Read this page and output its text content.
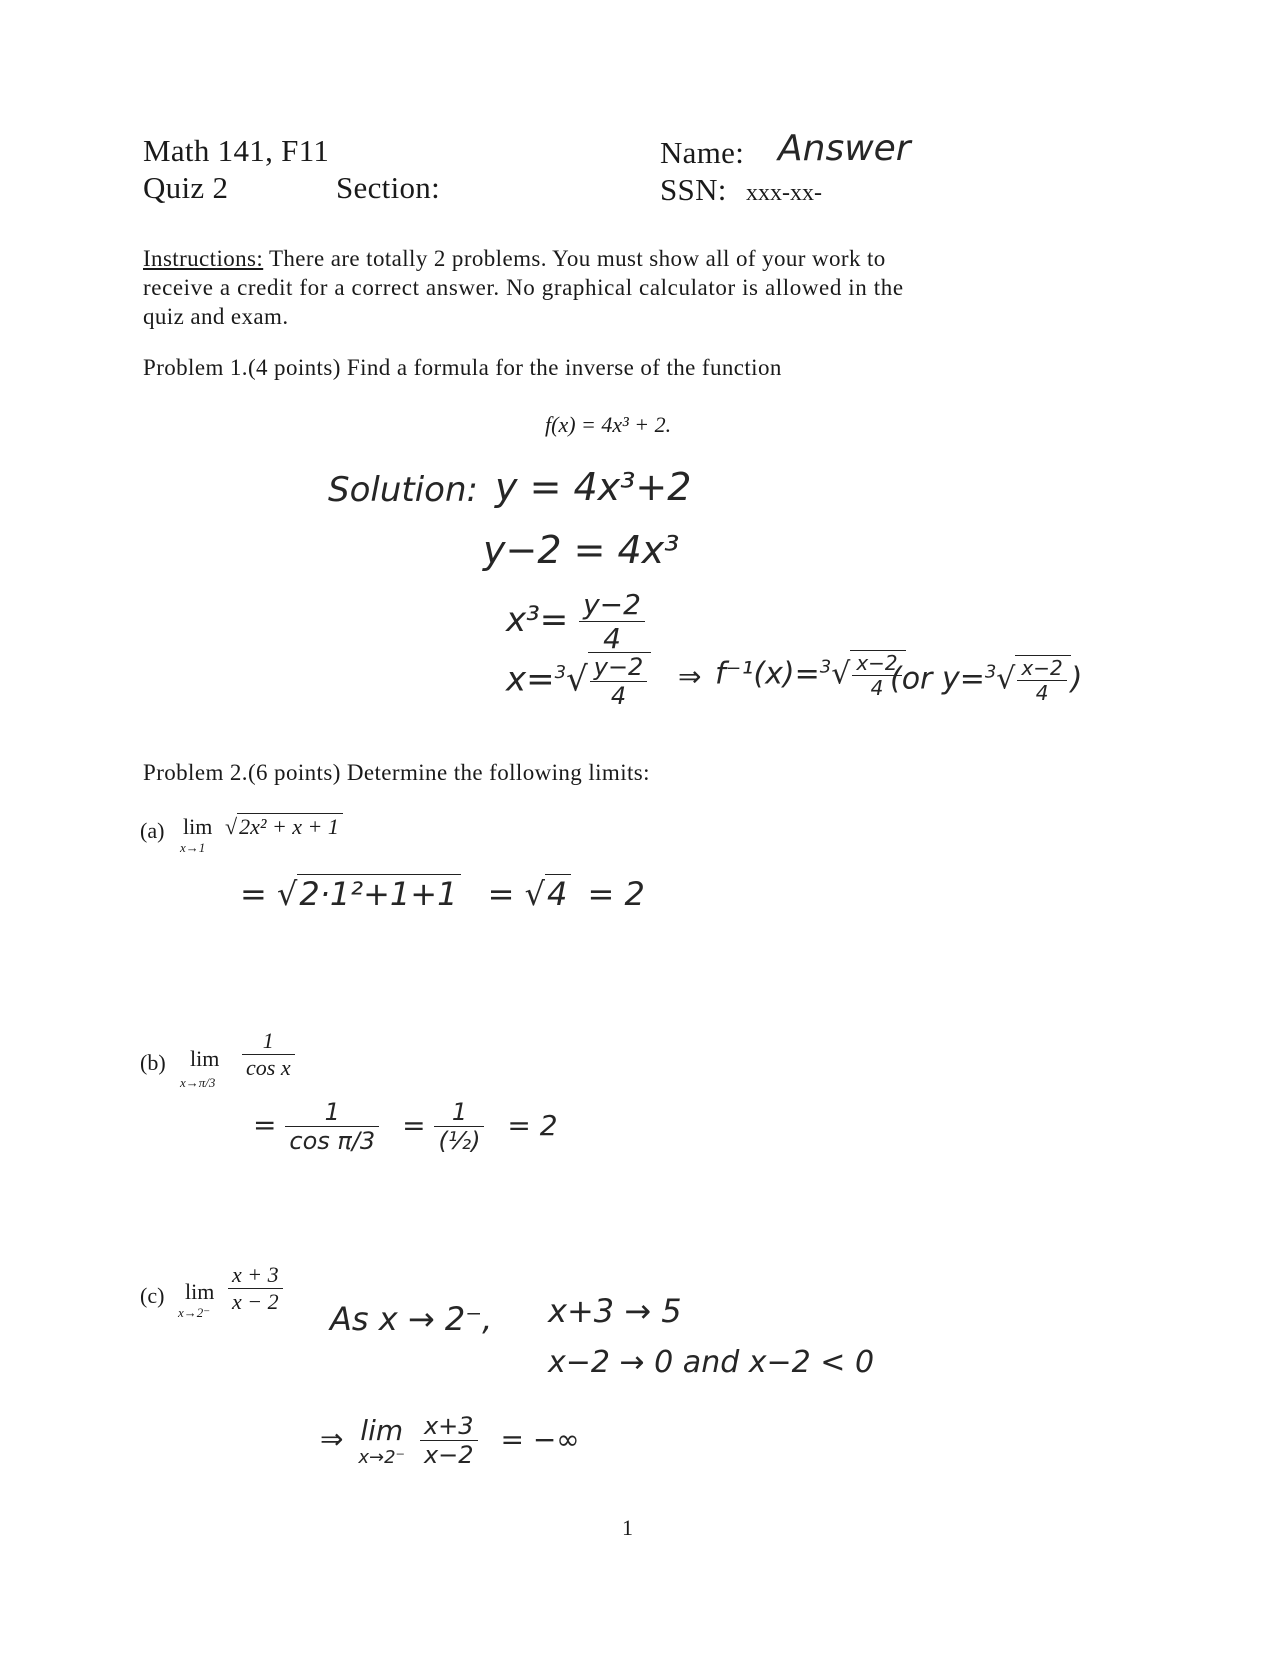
Math 141, F11
Quiz 2	Section:
Name: Answer
SSN: xxx-xx-
Instructions: There are totally 2 problems. You must show all of your work to
receive a credit for a correct answer. No graphical calculator is allowed in the
quiz and exam.
Problem 1.(4 points) Find a formula for the inverse of the function
f(x) = 4x³ + 2.
Solution: y = 4x³+2
y−2 = 4x³
$x^3= \frac{y-2}{4}$
$x=^3√ \frac{y-2}{4}$ ⇒ $f^{-1}(x)=^3√ \frac{x-2}{4}$
(or $y=^3√ \frac{x-2}{4}$ )
Problem 2.(6 points) Determine the following limits:
(a) lim
x→1
√2x² + x + 1
= √2·1²+1+1 = √4 = 2
(b) lim
x→π/3
$\frac{1}{\text{cos x}}$
= $\frac{1}{\text{cos π/3}} = \frac{1}{\text{(½)}} = 2$
(c) lim
$x\to 2^- \frac{x + 3}{x - 2}$
As x → 2⁻, x+3 → 5
x−2 → 0 and x−2 < 0
⇒ lim
x→2⁻
$\frac{x+3}{x-2}$ = −∞
1
